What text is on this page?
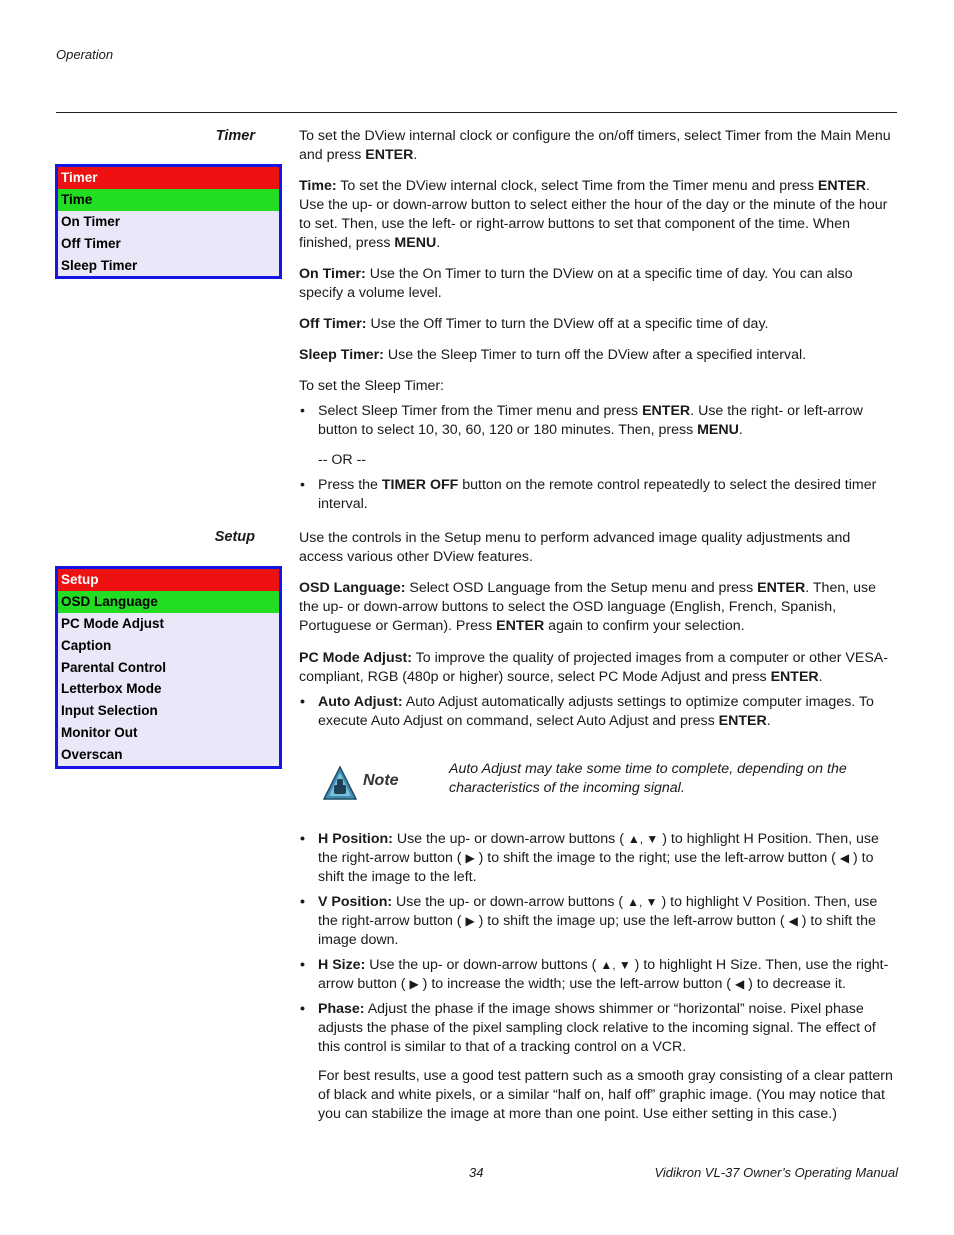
Operation
Timer
Timer
Time
On Timer
Off Timer
Sleep Timer

To set the DView internal clock or configure the on/off timers, select Timer from the Main Menu and press ENTER.

Time: To set the DView internal clock, select Time from the Timer menu and press ENTER. Use the up- or down-arrow button to select either the hour of the day or the minute of the hour to set. Then, use the left- or right-arrow buttons to set that component of the time. When finished, press MENU.

On Timer: Use the On Timer to turn the DView on at a specific time of day. You can also specify a volume level.

Off Timer: Use the Off Timer to turn the DView off at a specific time of day.

Sleep Timer: Use the Sleep Timer to turn off the DView after a specified interval.

To set the Sleep Timer:

• Select Sleep Timer from the Timer menu and press ENTER. Use the right- or left-arrow button to select 10, 30, 60, 120 or 180 minutes. Then, press MENU.

-- OR --

• Press the TIMER OFF button on the remote control repeatedly to select the desired timer interval.

Setup
Setup
OSD Language
PC Mode Adjust
Caption
Parental Control
Letterbox Mode
Input Selection
Monitor Out
Overscan

Use the controls in the Setup menu to perform advanced image quality adjustments and access various other DView features.

OSD Language: Select OSD Language from the Setup menu and press ENTER. Then, use the up- or down-arrow buttons to select the OSD language (English, French, Spanish, Portuguese or German). Press ENTER again to confirm your selection.

PC Mode Adjust: To improve the quality of projected images from a computer or other VESA-compliant, RGB (480p or higher) source, select PC Mode Adjust and press ENTER.

• Auto Adjust: Auto Adjust automatically adjusts settings to optimize computer images. To execute Auto Adjust on command, select Auto Adjust and press ENTER.

Note
Auto Adjust may take some time to complete, depending on the characteristics of the incoming signal.

• H Position: Use the up- or down-arrow buttons ( ▲, ▼ ) to highlight H Position. Then, use the right-arrow button ( ▶ ) to shift the image to the right; use the left-arrow button ( ◀ ) to shift the image to the left.

• V Position: Use the up- or down-arrow buttons ( ▲, ▼ ) to highlight V Position. Then, use the right-arrow button ( ▶ ) to shift the image up; use the left-arrow button ( ◀ ) to shift the image down.

• H Size: Use the up- or down-arrow buttons ( ▲, ▼ ) to highlight H Size. Then, use the right-arrow button ( ▶ ) to increase the width; use the left-arrow button ( ◀ ) to decrease it.

• Phase: Adjust the phase if the image shows shimmer or “horizontal” noise. Pixel phase adjusts the phase of the pixel sampling clock relative to the incoming signal. The effect of this control is similar to that of a tracking control on a VCR.

For best results, use a good test pattern such as a smooth gray consisting of a clear pattern of black and white pixels, or a similar “half on, half off” graphic image. (You may notice that you can stabilize the image at more than one point. Use either setting in this case.)

34	Vidikron VL-37 Owner’s Operating Manual
